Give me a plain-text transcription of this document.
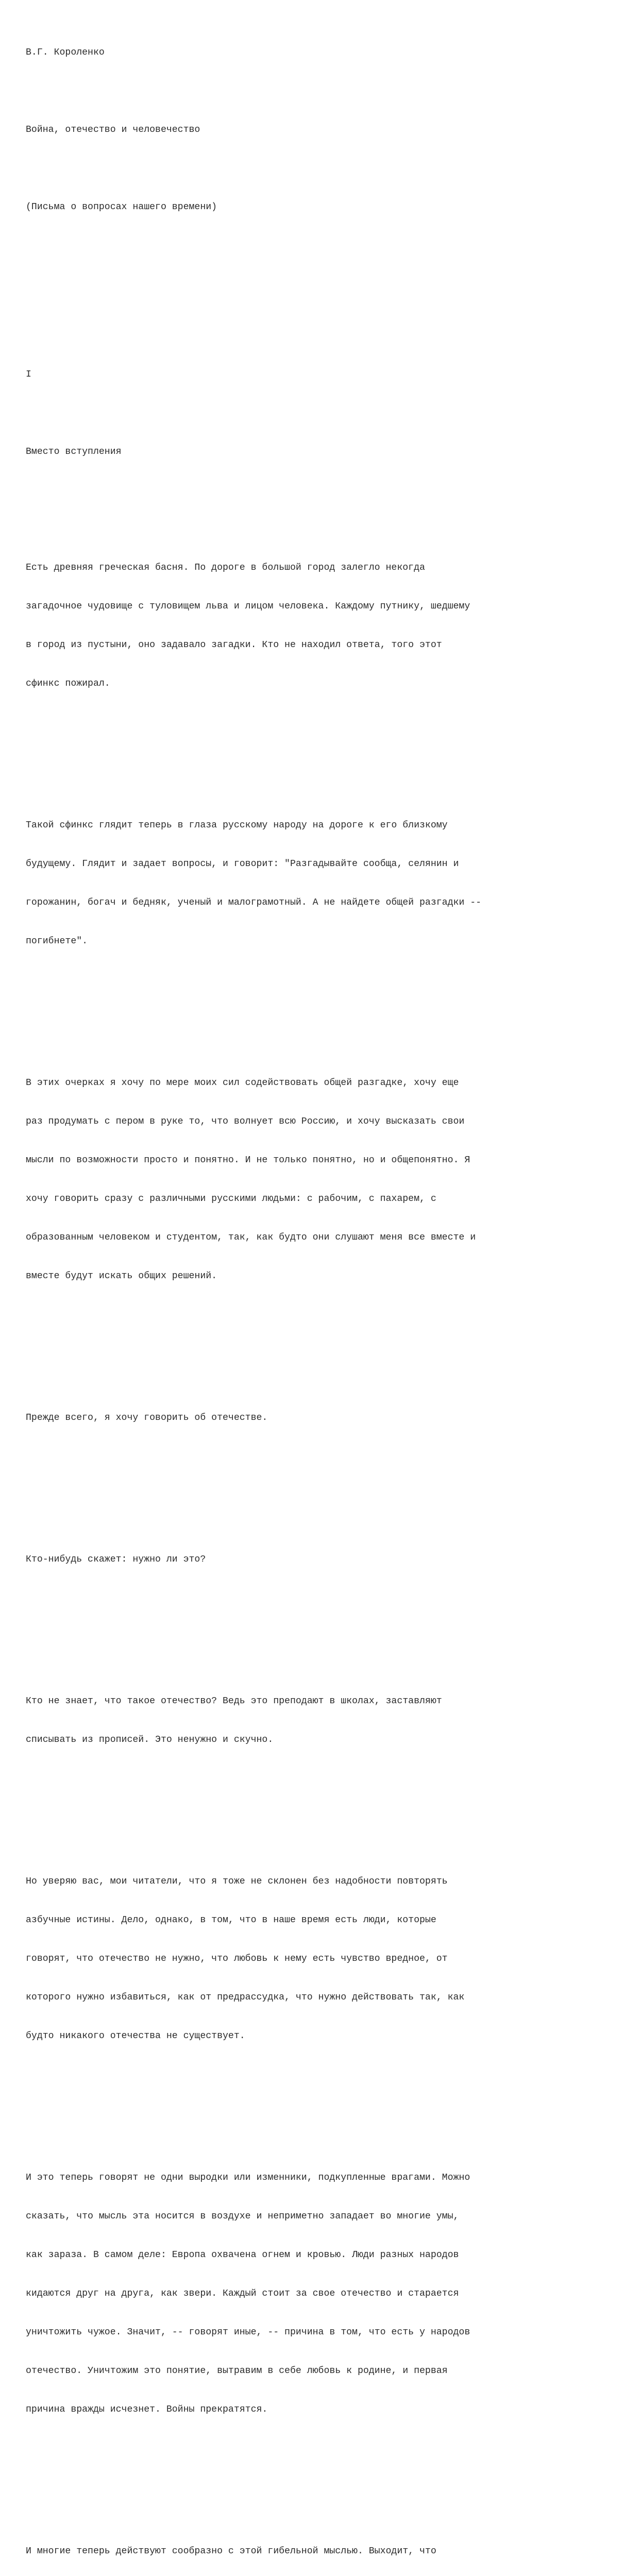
В.Г. Короленко

Война, отечество и человечество

(Письма о вопросах нашего времени)

I

Вместо вступления

Есть древняя греческая басня. По дороге в большой город залегло некогда

загадочное чудовище с туловищем льва и лицом человека. Каждому путнику, шедшему

в город из пустыни, оно задавало загадки. Кто не находил ответа, того этот

сфинкс пожирал.

Такой сфинкс глядит теперь в глаза русскому народу на дороге к его близкому

будущему. Глядит и задает вопросы, и говорит: "Разгадывайте сообща, селянин и

горожанин, богач и бедняк, ученый и малограмотный. А не найдете общей разгадки --

погибнете".

В этих очерках я хочу по мере моих сил содействовать общей разгадке, хочу еще

раз продумать с пером в руке то, что волнует всю Россию, и хочу высказать свои

мысли по возможности просто и понятно. И не только понятно, но и общепонятно. Я

хочу говорить сразу с различными русскими людьми: с рабочим, с пахарем, с

образованным человеком и студентом, так, как будто они слушают меня все вместе и

вместе будут искать общих решений.

Прежде всего, я хочу говорить об отечестве.

Кто-нибудь скажет: нужно ли это?

Кто не знает, что такое отечество? Ведь это преподают в школах, заставляют

списывать из прописей. Это ненужно и скучно.

Но уверяю вас, мои читатели, что я тоже не склонен без надобности повторять

азбучные истины. Дело, однако, в том, что в наше время есть люди, которые

говорят, что отечество не нужно, что любовь к нему есть чувство вредное, от

которого нужно избавиться, как от предрассудка, что нужно действовать так, как

будто никакого отечества не существует.

И это теперь говорят не одни выродки или изменники, подкупленные врагами. Можно

сказать, что мысль эта носится в воздухе и неприметно западает во многие умы,

как зараза. В самом деле: Европа охвачена огнем и кровью. Люди разных народов

кидаются друг на друга, как звери. Каждый стоит за свое отечество и старается

уничтожить чужое. Значит, -- говорят иные, -- причина в том, что есть у народов

отечество. Уничтожим это понятие, вытравим в себе любовь к родине, и первая

причина вражды исчезнет. Войны прекратятся.

И многие теперь действуют сообразно с этой гибельной мыслью. Выходит, что
